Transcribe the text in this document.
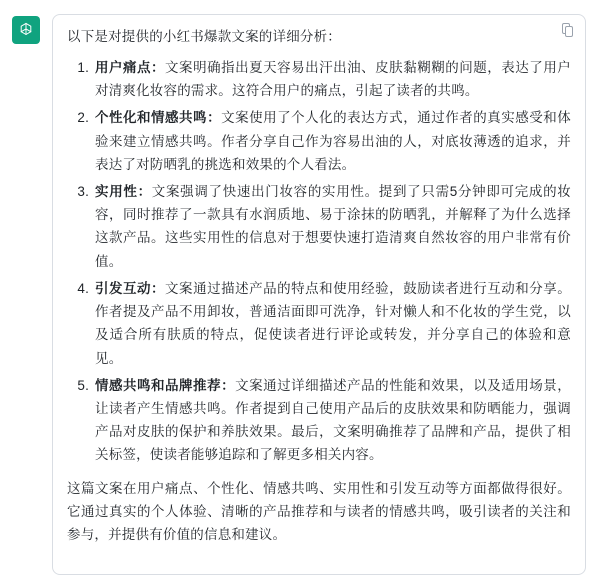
以下是对提供的小红书爆款文案的详细分析：

1. 用户痛点：文案明确指出夏天容易出汗出油、皮肤黏糊糊的问题，表达了用户对清爽化妆容的需求。这符合用户的痛点，引起了读者的共鸣。
2. 个性化和情感共鸣：文案使用了个人化的表达方式，通过作者的真实感受和体验来建立情感共鸣。作者分享自己作为容易出油的人，对底妆薄透的追求，并表达了对防晒乳的挑选和效果的个人看法。
3. 实用性：文案强调了快速出门妆容的实用性。提到了只需5分钟即可完成的妆容，同时推荐了一款具有水润质地、易于涂抹的防晒乳，并解释了为什么选择这款产品。这些实用性的信息对于想要快速打造清爽自然妆容的用户非常有价值。
4. 引发互动：文案通过描述产品的特点和使用经验，鼓励读者进行互动和分享。作者提及产品不用卸妆，普通洁面即可洗净，针对懒人和不化妆的学生党，以及适合所有肤质的特点，促使读者进行评论或转发，并分享自己的体验和意见。
5. 情感共鸣和品牌推荐：文案通过详细描述产品的性能和效果，以及适用场景，让读者产生情感共鸣。作者提到自己使用产品后的皮肤效果和防晒能力，强调产品对皮肤的保护和养肤效果。最后，文案明确推荐了品牌和产品，提供了相关标签，使读者能够追踪和了解更多相关内容。

这篇文案在用户痛点、个性化、情感共鸣、实用性和引发互动等方面都做得很好。它通过真实的个人体验、清晰的产品推荐和与读者的情感共鸣，吸引读者的关注和参与，并提供有价值的信息和建议。
